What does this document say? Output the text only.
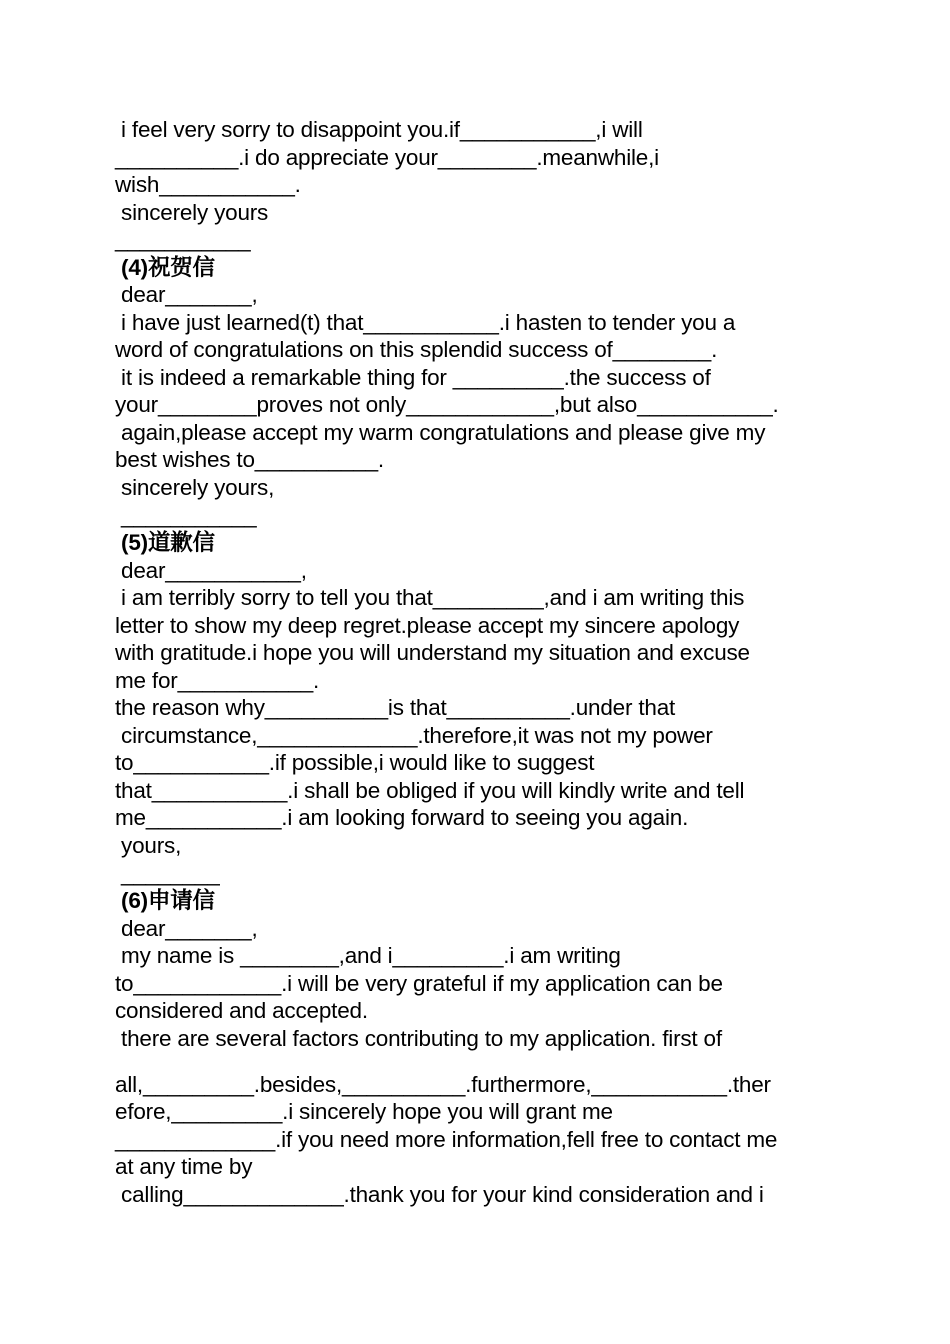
i feel very sorry to disappoint you.if___________,i will
__________.i do appreciate your________.meanwhile,i
wish___________.
sincerely yours
___________
(4)祝贺信
dear_______,
i have just learned(t) that___________.i hasten to tender you a
word of congratulations on this splendid success of________.
it is indeed a remarkable thing for _________.the success of
your________proves not only____________,but also___________.
again,please accept my warm congratulations and please give my
best wishes to__________.
sincerely yours,
___________
(5)道歉信
dear___________,
i am terribly sorry to tell you that_________,and i am writing this
letter to show my deep regret.please accept my sincere apology
with gratitude.i hope you will understand my situation and excuse
me for___________.
the reason why__________is that__________.under that
circumstance,_____________.therefore,it was not my power
to___________.if possible,i would like to suggest
that___________.i shall be obliged if you will kindly write and tell
me___________.i am looking forward to seeing you again.
yours,
________
(6)申请信
dear_______,
my name is ________,and i_________.i am writing
to____________.i will be very grateful if my application can be
considered and accepted.
there are several factors contributing to my application. first of
all,_________.besides,__________.furthermore,___________.ther
efore,_________.i sincerely hope you will grant me
_____________.if you need more information,fell free to contact me
at any time by
calling_____________.thank you for your kind consideration and i
